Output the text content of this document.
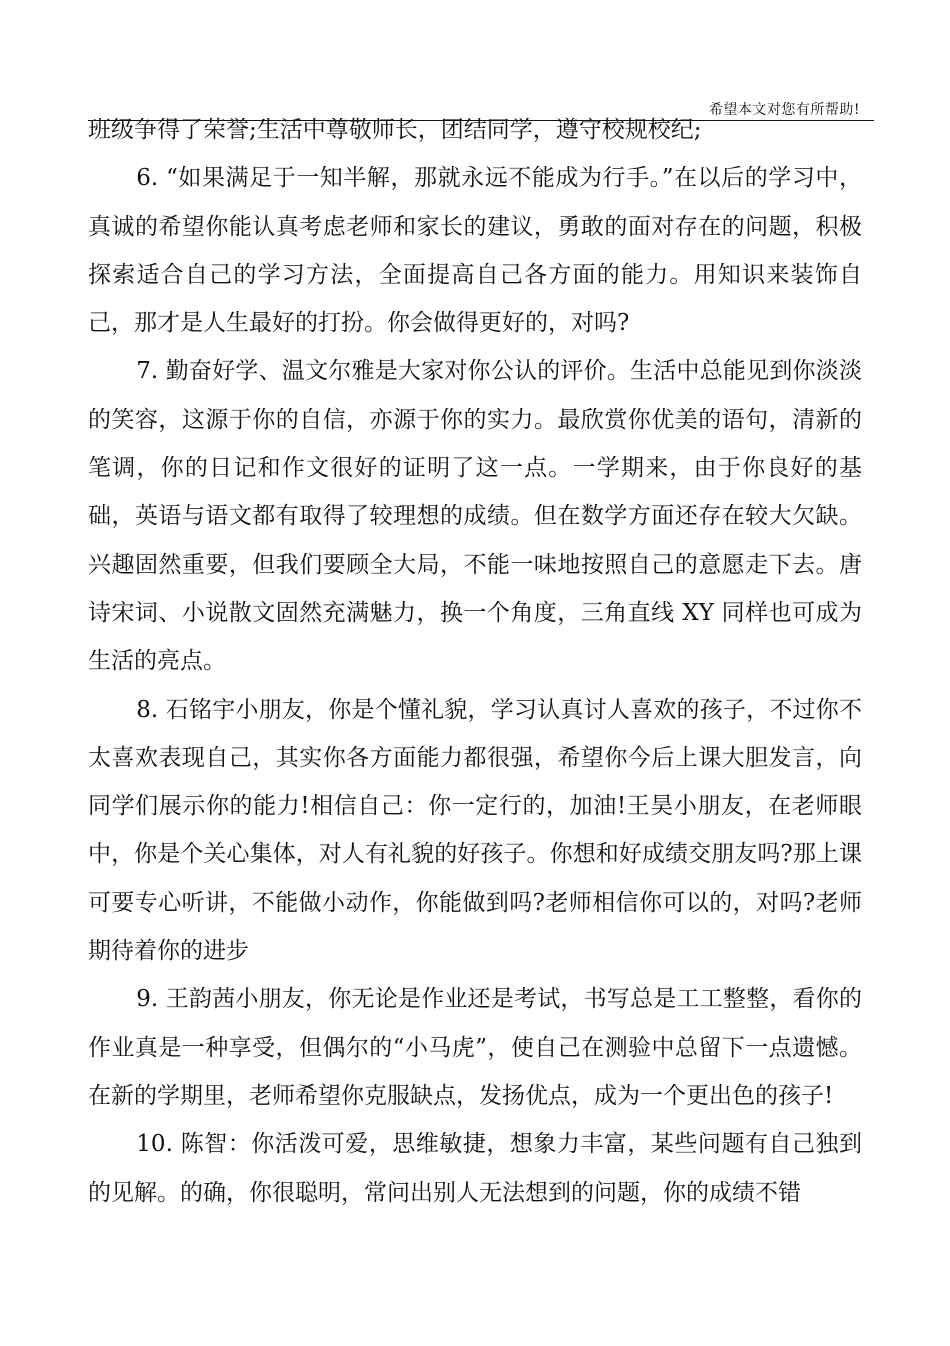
希望本文对您有所帮助!

班级争得了荣誉;生活中尊敬师长，团结同学，遵守校规校纪;

6. “如果满足于一知半解，那就永远不能成为行手。”在以后的学习中，真诚的希望你能认真考虑老师和家长的建议，勇敢的面对存在的问题，积极探索适合自己的学习方法，全面提高自己各方面的能力。用知识来装饰自己，那才是人生最好的打扮。你会做得更好的，对吗?

7. 勤奋好学、温文尔雅是大家对你公认的评价。生活中总能见到你淡淡的笑容，这源于你的自信，亦源于你的实力。最欣赏你优美的语句，清新的笔调，你的日记和作文很好的证明了这一点。一学期来，由于你良好的基础，英语与语文都有取得了较理想的成绩。但在数学方面还存在较大欠缺。兴趣固然重要，但我们要顾全大局，不能一味地按照自己的意愿走下去。唐诗宋词、小说散文固然充满魅力，换一个角度，三角直线 XY 同样也可成为生活的亮点。

8. 石铭宇小朋友，你是个懂礼貌，学习认真讨人喜欢的孩子，不过你不太喜欢表现自己，其实你各方面能力都很强，希望你今后上课大胆发言，向同学们展示你的能力!相信自己：你一定行的，加油!王昊小朋友，在老师眼中，你是个关心集体，对人有礼貌的好孩子。你想和好成绩交朋友吗?那上课可要专心听讲，不能做小动作，你能做到吗?老师相信你可以的，对吗?老师期待着你的进步

9. 王韵茜小朋友，你无论是作业还是考试，书写总是工工整整，看你的作业真是一种享受，但偶尔的“小马虎”，使自己在测验中总留下一点遗憾。在新的学期里，老师希望你克服缺点，发扬优点，成为一个更出色的孩子!

10. 陈智：你活泼可爱，思维敏捷，想象力丰富，某些问题有自己独到的见解。的确，你很聪明，常问出别人无法想到的问题，你的成绩不错
